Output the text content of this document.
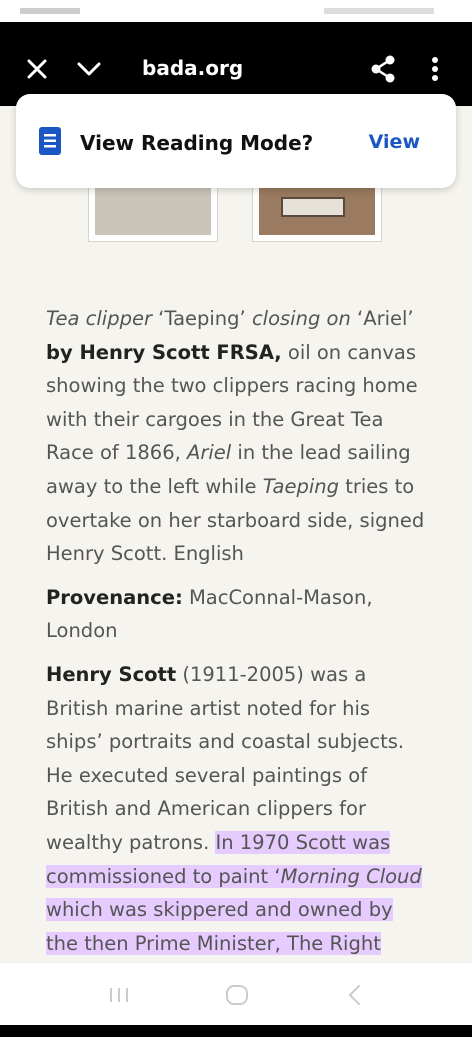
bada.org

Tea clipper ‘Taeping’ closing on ‘Ariel’
by Henry Scott FRSA, oil on canvas showing the two clippers racing home with their cargoes in the Great Tea Race of 1866, Ariel in the lead sailing away to the left while Taeping tries to overtake on her starboard side, signed Henry Scott. English

Provenance: MacConnal-Mason, London

Henry Scott (1911-2005) was a British marine artist noted for his ships’ portraits and coastal subjects. He executed several paintings of British and American clippers for wealthy patrons. In 1970 Scott was commissioned to paint ‘Morning Cloud which was skippered and owned by the then Prime Minister, The Right

View Reading Mode?	View
